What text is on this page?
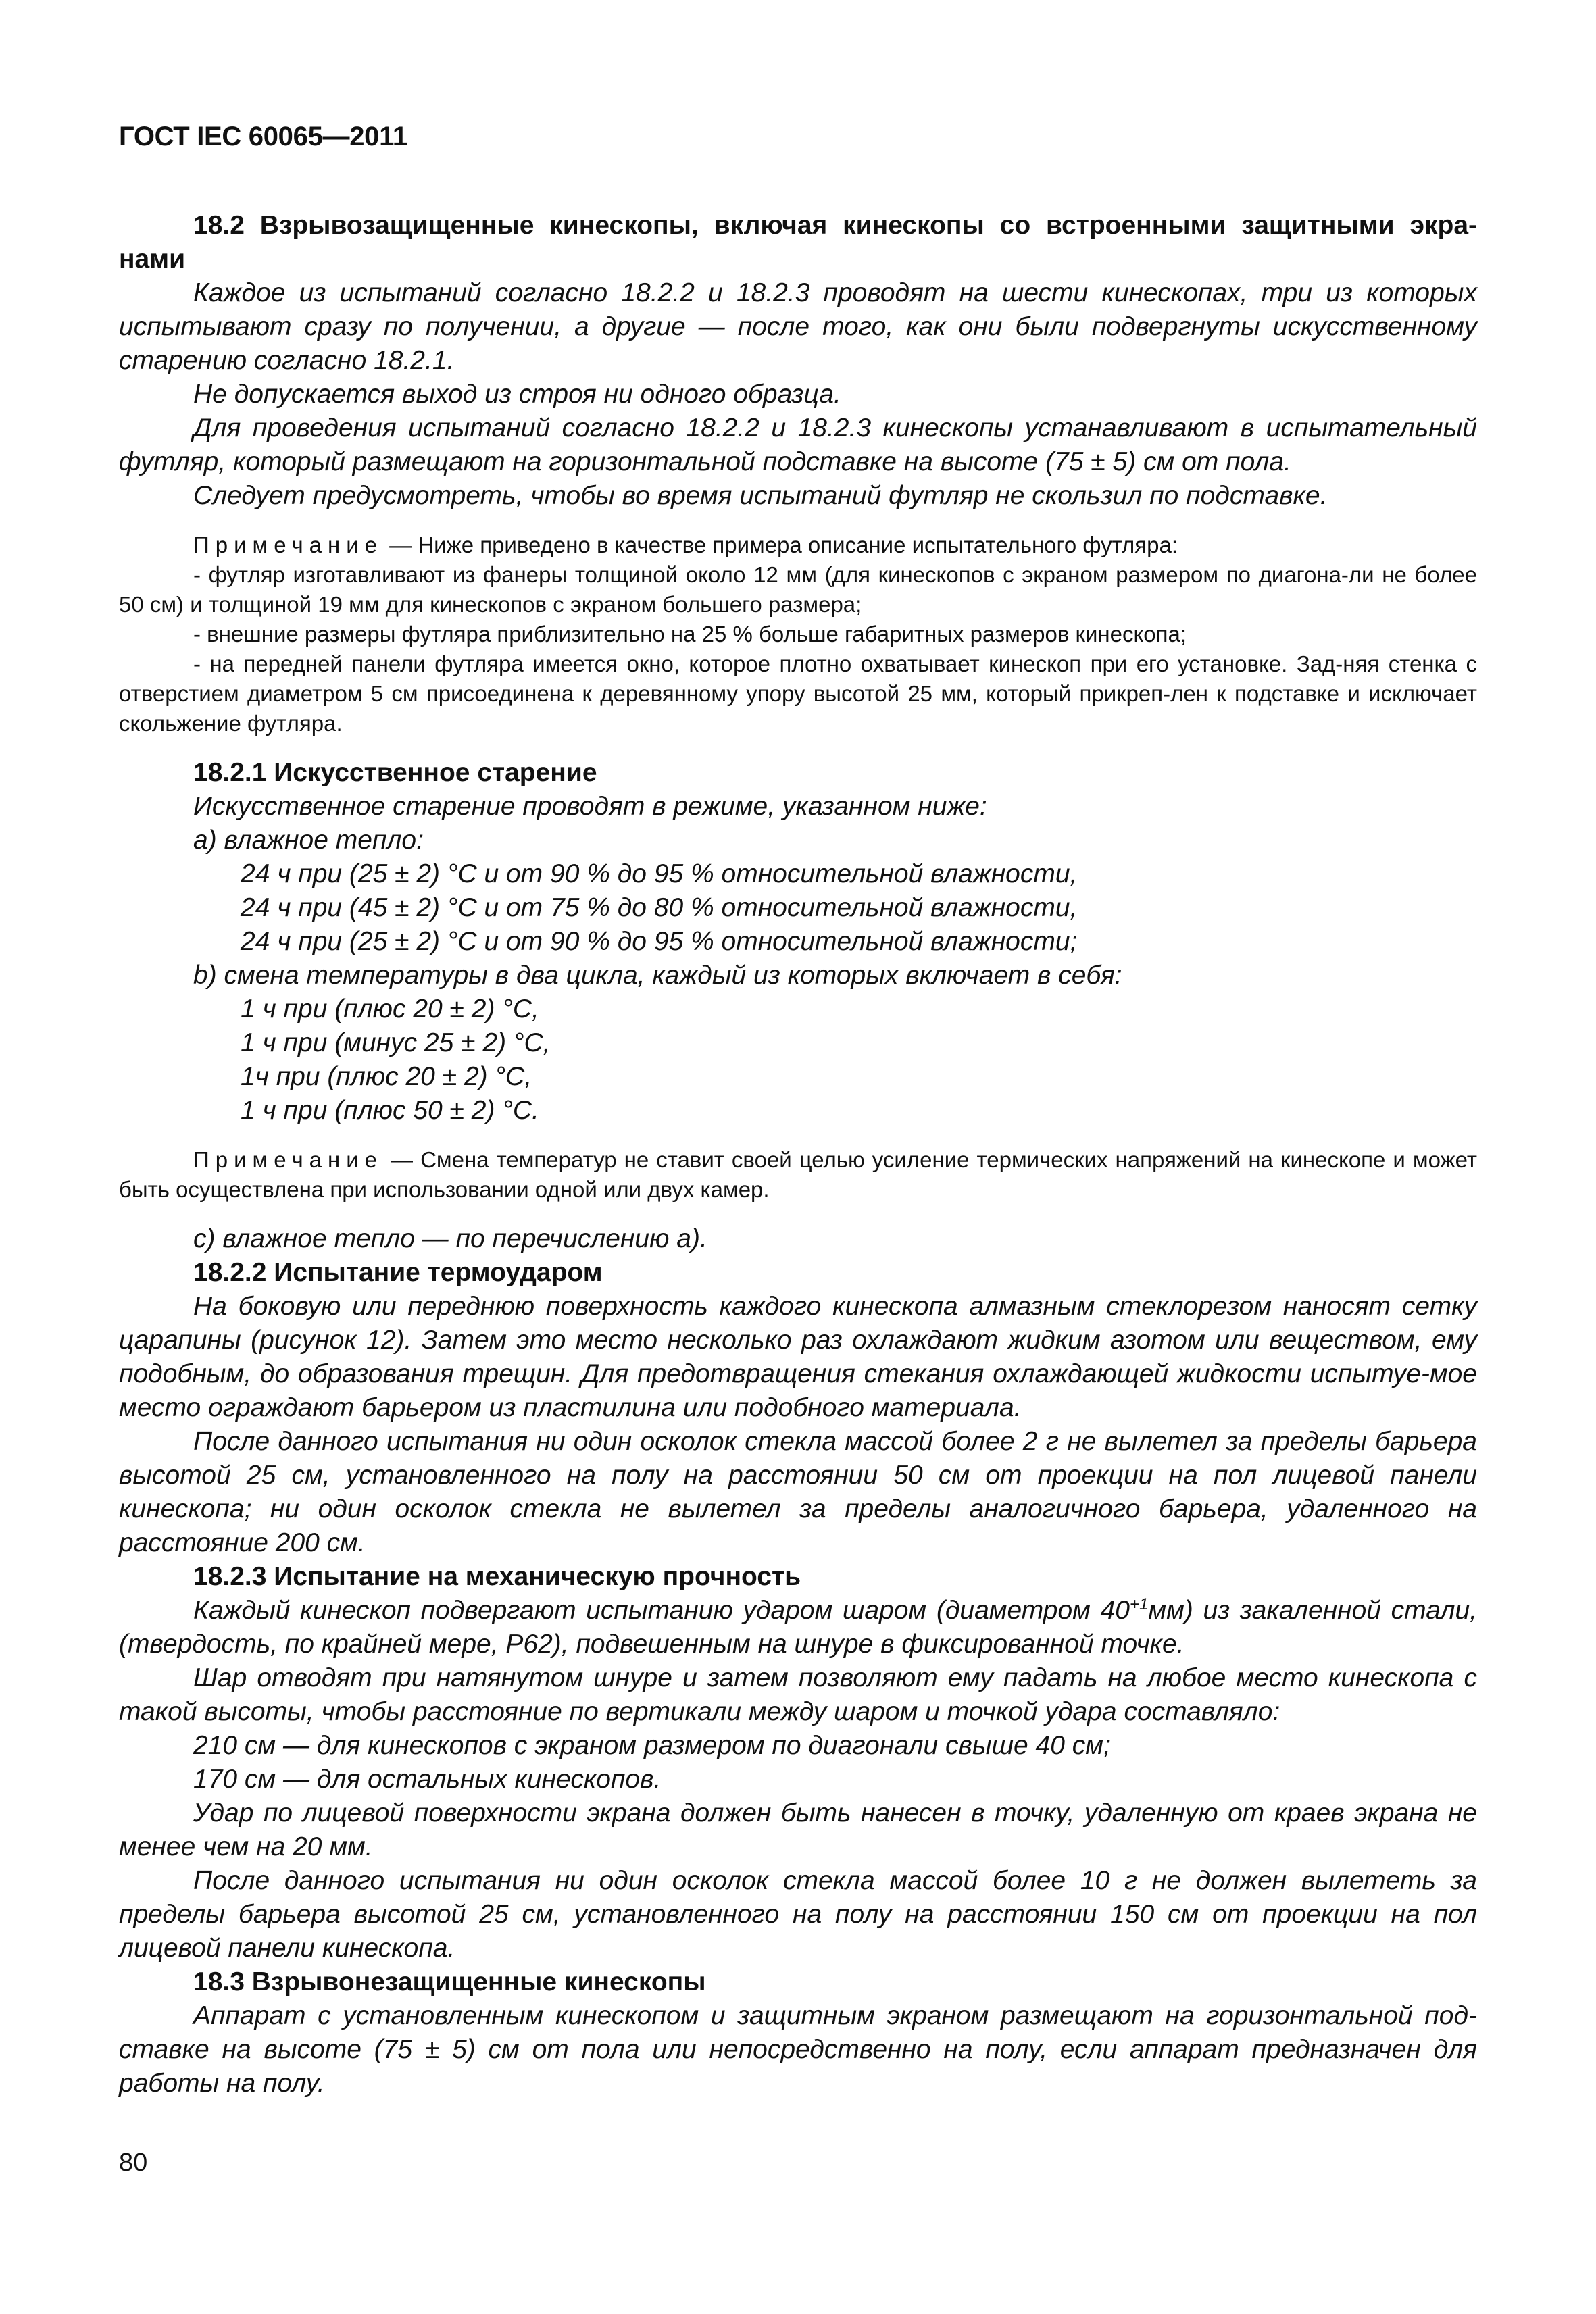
ГОСТ IEC 60065—2011

18.2 Взрывозащищенные кинескопы, включая кинескопы со встроенными защитными экра-нами

Каждое из испытаний согласно 18.2.2 и 18.2.3 проводят на шести кинескопах, три из которых испытывают сразу по получении, а другие — после того, как они были подвергнуты искусственному старению согласно 18.2.1.

Не допускается выход из строя ни одного образца.

Для проведения испытаний согласно 18.2.2 и 18.2.3 кинескопы устанавливают в испытательный футляр, который размещают на горизонтальной подставке на высоте (75 ± 5) см от пола.

Следует предусмотреть, чтобы во время испытаний футляр не скользил по подставке.

Примечание — Ниже приведено в качестве примера описание испытательного футляра:

- футляр изготавливают из фанеры толщиной около 12 мм (для кинескопов с экраном размером по диагона-ли не более 50 см) и толщиной 19 мм для кинескопов с экраном большего размера;

- внешние размеры футляра приблизительно на 25 % больше габаритных размеров кинескопа;

- на передней панели футляра имеется окно, которое плотно охватывает кинескоп при его установке. Зад-няя стенка с отверстием диаметром 5 см присоединена к деревянному упору высотой 25 мм, который прикреп-лен к подставке и исключает скольжение футляра.

18.2.1 Искусственное старение

Искусственное старение проводят в режиме, указанном ниже:

а) влажное тепло:

24 ч при (25 ± 2) °С и от 90 % до 95 % относительной влажности,

24 ч при (45 ± 2) °С и от 75 % до 80 % относительной влажности,

24 ч при (25 ± 2) °С и от 90 % до 95 % относительной влажности;

b) смена температуры в два цикла, каждый из которых включает в себя:

1 ч при (плюс 20 ± 2) °С,

1 ч при (минус 25 ± 2) °С,

1ч при (плюс 20 ± 2) °С,

1 ч при (плюс 50 ± 2) °С.

Примечание — Смена температур не ставит своей целью усиление термических напряжений на кинескопе и может быть осуществлена при использовании одной или двух камер.

с) влажное тепло — по перечислению а).

18.2.2 Испытание термоударом

На боковую или переднюю поверхность каждого кинескопа алмазным стеклорезом наносят сетку царапины (рисунок 12). Затем это место несколько раз охлаждают жидким азотом или веществом, ему подобным, до образования трещин. Для предотвращения стекания охлаждающей жидкости испытуе-мое место ограждают барьером из пластилина или подобного материала.

После данного испытания ни один осколок стекла массой более 2 г не вылетел за пределы барьера высотой 25 см, установленного на полу на расстоянии 50 см от проекции на пол лицевой панели кинескопа; ни один осколок стекла не вылетел за пределы аналогичного барьера, удаленного на расстояние 200 см.

18.2.3 Испытание на механическую прочность

Каждый кинескоп подвергают испытанию ударом шаром (диаметром $40^{+1}мм$) из закаленной стали, (твердость, по крайней мере, Р62), подвешенным на шнуре в фиксированной точке.

Шар отводят при натянутом шнуре и затем позволяют ему падать на любое место кинескопа с такой высоты, чтобы расстояние по вертикали между шаром и точкой удара составляло:

210 см — для кинескопов с экраном размером по диагонали свыше 40 см;

170 см — для остальных кинескопов.

Удар по лицевой поверхности экрана должен быть нанесен в точку, удаленную от краев экрана не менее чем на 20 мм.

После данного испытания ни один осколок стекла массой более 10 г не должен вылететь за пределы барьера высотой 25 см, установленного на полу на расстоянии 150 см от проекции на пол лицевой панели кинескопа.

18.3 Взрывонезащищенные кинескопы

Аппарат с установленным кинескопом и защитным экраном размещают на горизонтальной под-ставке на высоте (75 ± 5) см от пола или непосредственно на полу, если аппарат предназначен для работы на полу.

80
